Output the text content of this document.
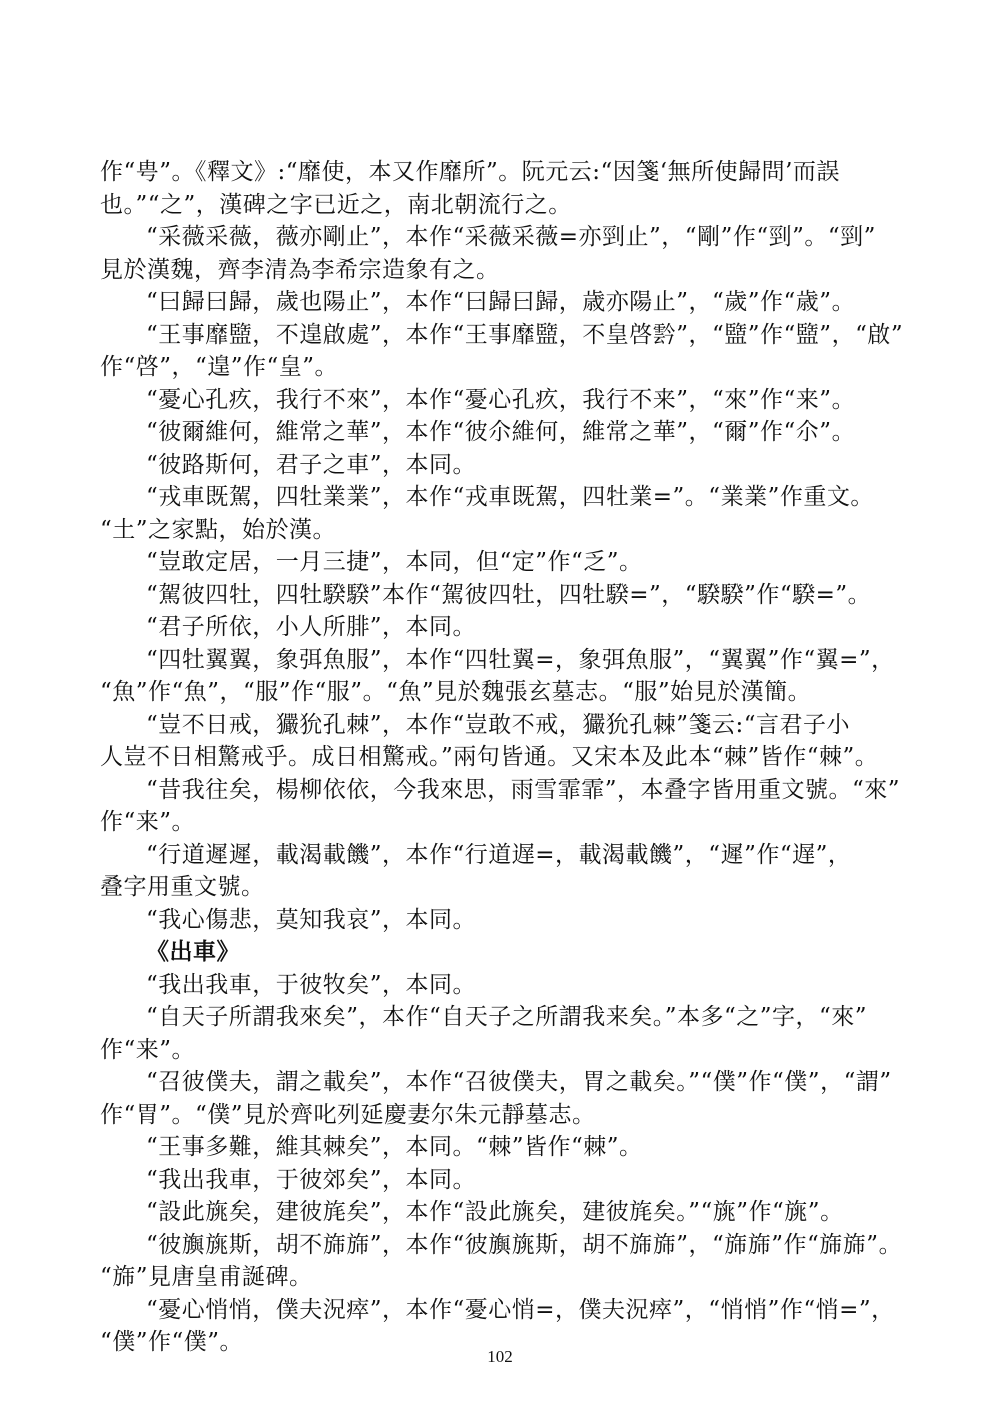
作“甹”。《釋文》:“靡使，本又作靡所”。阮元云:“因箋‘無所使歸問’而誤
也。”“之”，漢碑之字已近之，南北朝流行之。
“采薇采薇，薇亦剛止”，本作“采薇采薇=亦剄止”，“剛”作“剄”。“剄”
見於漢魏，齊李清為李希宗造象有之。
“曰歸曰歸，歲也陽止”，本作“曰歸曰歸，歳亦陽止”，“歲”作“歳”。
“王事靡盬，不遑啟處”，本作“王事靡盬，不皇啓霒”，“盬”作“盬”，“啟”
作“啓”，“遑”作“皇”。
“憂心孔疚，我行不來”，本作“憂心孔疚，我行不来”，“來”作“来”。
“彼爾維何，維常之華”，本作“彼尒維何，維常之華”，“爾”作“尒”。
“彼路斯何，君子之車”，本同。
“戎車既駕，四牡業業”，本作“戎車既駕，四牡業=”。“業業”作重文。
“土”之家點，始於漢。
“豈敢定居，一月三捷”，本同，但“定”作“乏”。
“駕彼四牡，四牡騤騤”本作“駕彼四牡，四牡騤=”，“騤騤”作“騤=”。
“君子所依，小人所腓”，本同。
“四牡翼翼，象弭魚服”，本作“四牡翼=，象弭魚服”，“翼翼”作“翼=”，
“魚”作“魚”，“服”作“服”。“魚”見於魏張玄墓志。“服”始見於漢簡。
“豈不日戒，玁狁孔棘”，本作“豈敢不戒，玁狁孔棘”箋云:“言君子小
人豈不日相驚戒乎。成日相驚戒。”兩句皆通。又宋本及此本“棘”皆作“棘”。
“昔我往矣，楊柳依依，今我來思，雨雪霏霏”，本叠字皆用重文號。“來”
作“来”。
“行道遲遲，載渴載饑”，本作“行道遅=，載渴載饑”，“遲”作“遅”，
叠字用重文號。
“我心傷悲，莫知我哀”，本同。
《出車》
“我出我車，于彼牧矣”，本同。
“自天子所謂我來矣”，本作“自天子之所謂我来矣。”本多“之”字，“來”
作“来”。
“召彼僕夫，謂之載矣”，本作“召彼僕夫，胃之載矣。”“僕”作“僕”，“謂”
作“胃”。“僕”見於齊叱列延慶妻尔朱元靜墓志。
“王事多難，維其棘矣”，本同。“棘”皆作“棘”。
“我出我車，于彼郊矣”，本同。
“設此旐矣，建彼旄矣”，本作“設此旐矣，建彼旄矣。”“旐”作“旐”。
“彼旟旐斯，胡不旆旆”，本作“彼旟旐斯，胡不旆旆”，“旆旆”作“旆旆”。
“旆”見唐皇甫誕碑。
“憂心悄悄，僕夫況瘁”，本作“憂心悄=，僕夫況瘁”，“悄悄”作“悄=”，
“僕”作“僕”。
102
